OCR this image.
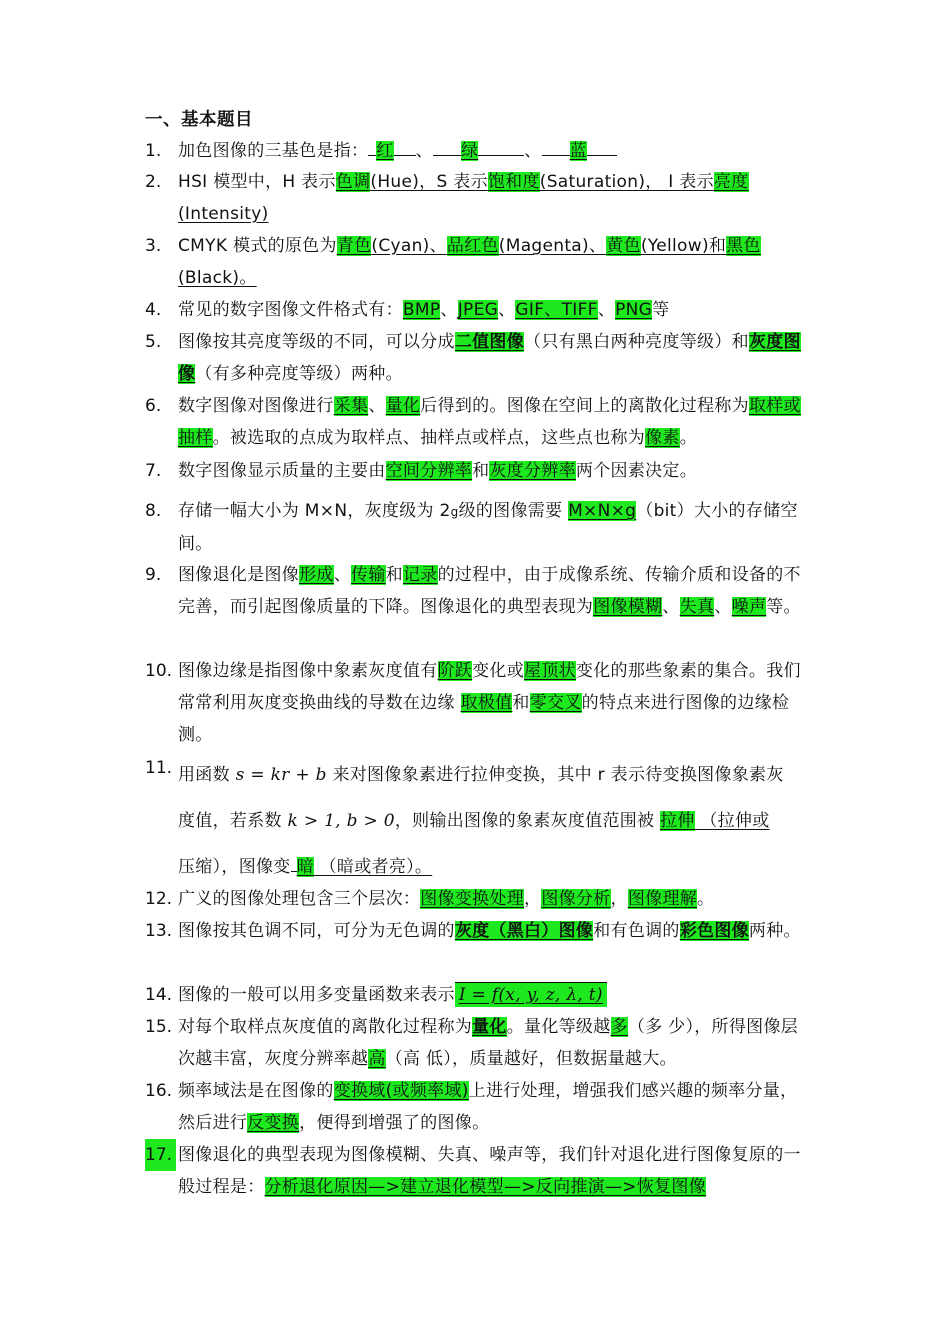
一、基本题目
1. 加色图像的三基色是指： 红 、 绿	、 蓝
2. HSI 模型中，H 表示色调(Hue)，S 表示饱和度(Saturation)， I 表示亮度(Intensity)
3. CMYK 模式的原色为青色(Cyan)、品红色(Magenta)、黄色(Yellow)和黑色(Black)。
4. 常见的数字图像文件格式有：BMP、JPEG、GIF、TIFF、PNG等
5. 图像按其亮度等级的不同，可以分成二值图像（只有黑白两种亮度等级）和灰度图像（有多种亮度等级）两种。
6. 数字图像对图像进行采集、量化后得到的。图像在空间上的离散化过程称为取样或抽样。被选取的点成为取样点、抽样点或样点，这些点也称为像素。
7. 数字图像显示质量的主要由空间分辨率和灰度分辨率两个因素决定。
8. 存储一幅大小为 M×N，灰度级为 2g级的图像需要 M×N×g（bit）大小的存储空间。
9. 图像退化是图像形成、传输和记录的过程中，由于成像系统、传输介质和设备的不完善，而引起图像质量的下降。图像退化的典型表现为图像模糊、失真、噪声等。
10. 图像边缘是指图像中象素灰度值有阶跃变化或屋顶状变化的那些象素的集合。我们常常利用灰度变换曲线的导数在边缘 取极值和零交叉的特点来进行图像的边缘检测。
11. 用函数 s = kr + b 来对图像象素进行拉伸变换，其中 r 表示待变换图像象素灰
度值，若系数 k > 1, b > 0，则输出图像的象素灰度值范围被 拉伸 （拉伸或
压缩），图像变 暗 （暗或者亮）。
12. 广义的图像处理包含三个层次：图像变换处理，图像分析，图像理解。
13. 图像按其色调不同，可分为无色调的灰度（黑白）图像和有色调的彩色图像两种。
14. 图像的一般可以用多变量函数来表示 I = f(x, y, z, λ, t)
15. 对每个取样点灰度值的离散化过程称为量化。量化等级越多（多 少），所得图像层次越丰富，灰度分辨率越高（高 低），质量越好，但数据量越大。
16. 频率域法是在图像的变换域(或频率域)上进行处理，增强我们感兴趣的频率分量，然后进行反变换，便得到增强了的图像。
17. 图像退化的典型表现为图像模糊、失真、噪声等，我们针对退化进行图像复原的一般过程是：分析退化原因—>建立退化模型—>反向推演—>恢复图像
